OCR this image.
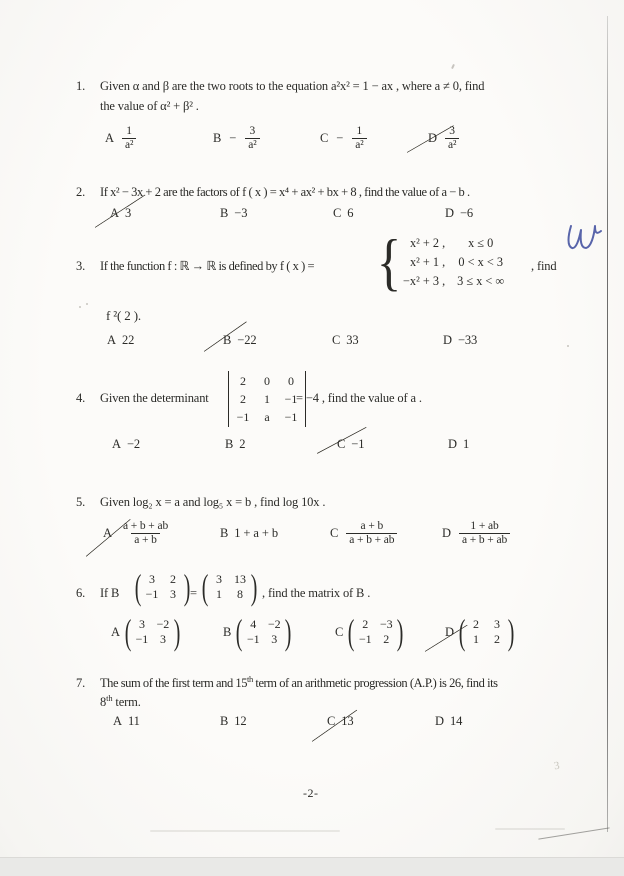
1. Given α and β are the two roots to the equation a²x² = 1 − ax , where a ≠ 0, find
the value of α² + β² .
A $\frac{1}{\text{a²}}$	$B - \frac{3}{\text{a²}}$	$C - \frac{1}{\text{a²}}$	D $\frac{3}{\text{a²}}$
2. If x² − 3x + 2 are the factors of f ( x ) = x⁴ + ax² + bx + 8 , find the value of a − b .
A 3	B −3	C 6	D −6
3. If the function f : ℝ → ℝ is defined by f ( x ) = { x² + 2 ,	x ≤ 0
x² + 1 , 0 < x < 3
−x² + 3 , 3 ≤ x < ∞
, find
f ²( 2 ).
A 22	B −22	C 33	D −33
4. Given the determinant
2	0	0
2	1	−1
−1	a	−1
= −4 , find the value of a .
A −2	B 2	C −1	D 1
5. Given log₂ x = a and log₅ x = b , find log 10x .
A $\frac{a + b + ab}{a + b}$	B 1 + a + b	C $\frac{a + b}{a + b + ab}$	D $\frac{1 + ab}{a + b + ab}$
6. If B ( 3	2
−1 3 ) = ( 3	13
1	8 ) , find the matrix of B .
A ( 3 −2
−1 3 )	B ( 4 −2
−1 3 )	C ( 2 −3
−1 2 )	D ( 2	3
1	2 )
7. The sum of the first term and 15th term of an arithmetic progression (A.P.) is 26, find its
8th term.
A 11	B 12	C 13	D 14
-2-
3
